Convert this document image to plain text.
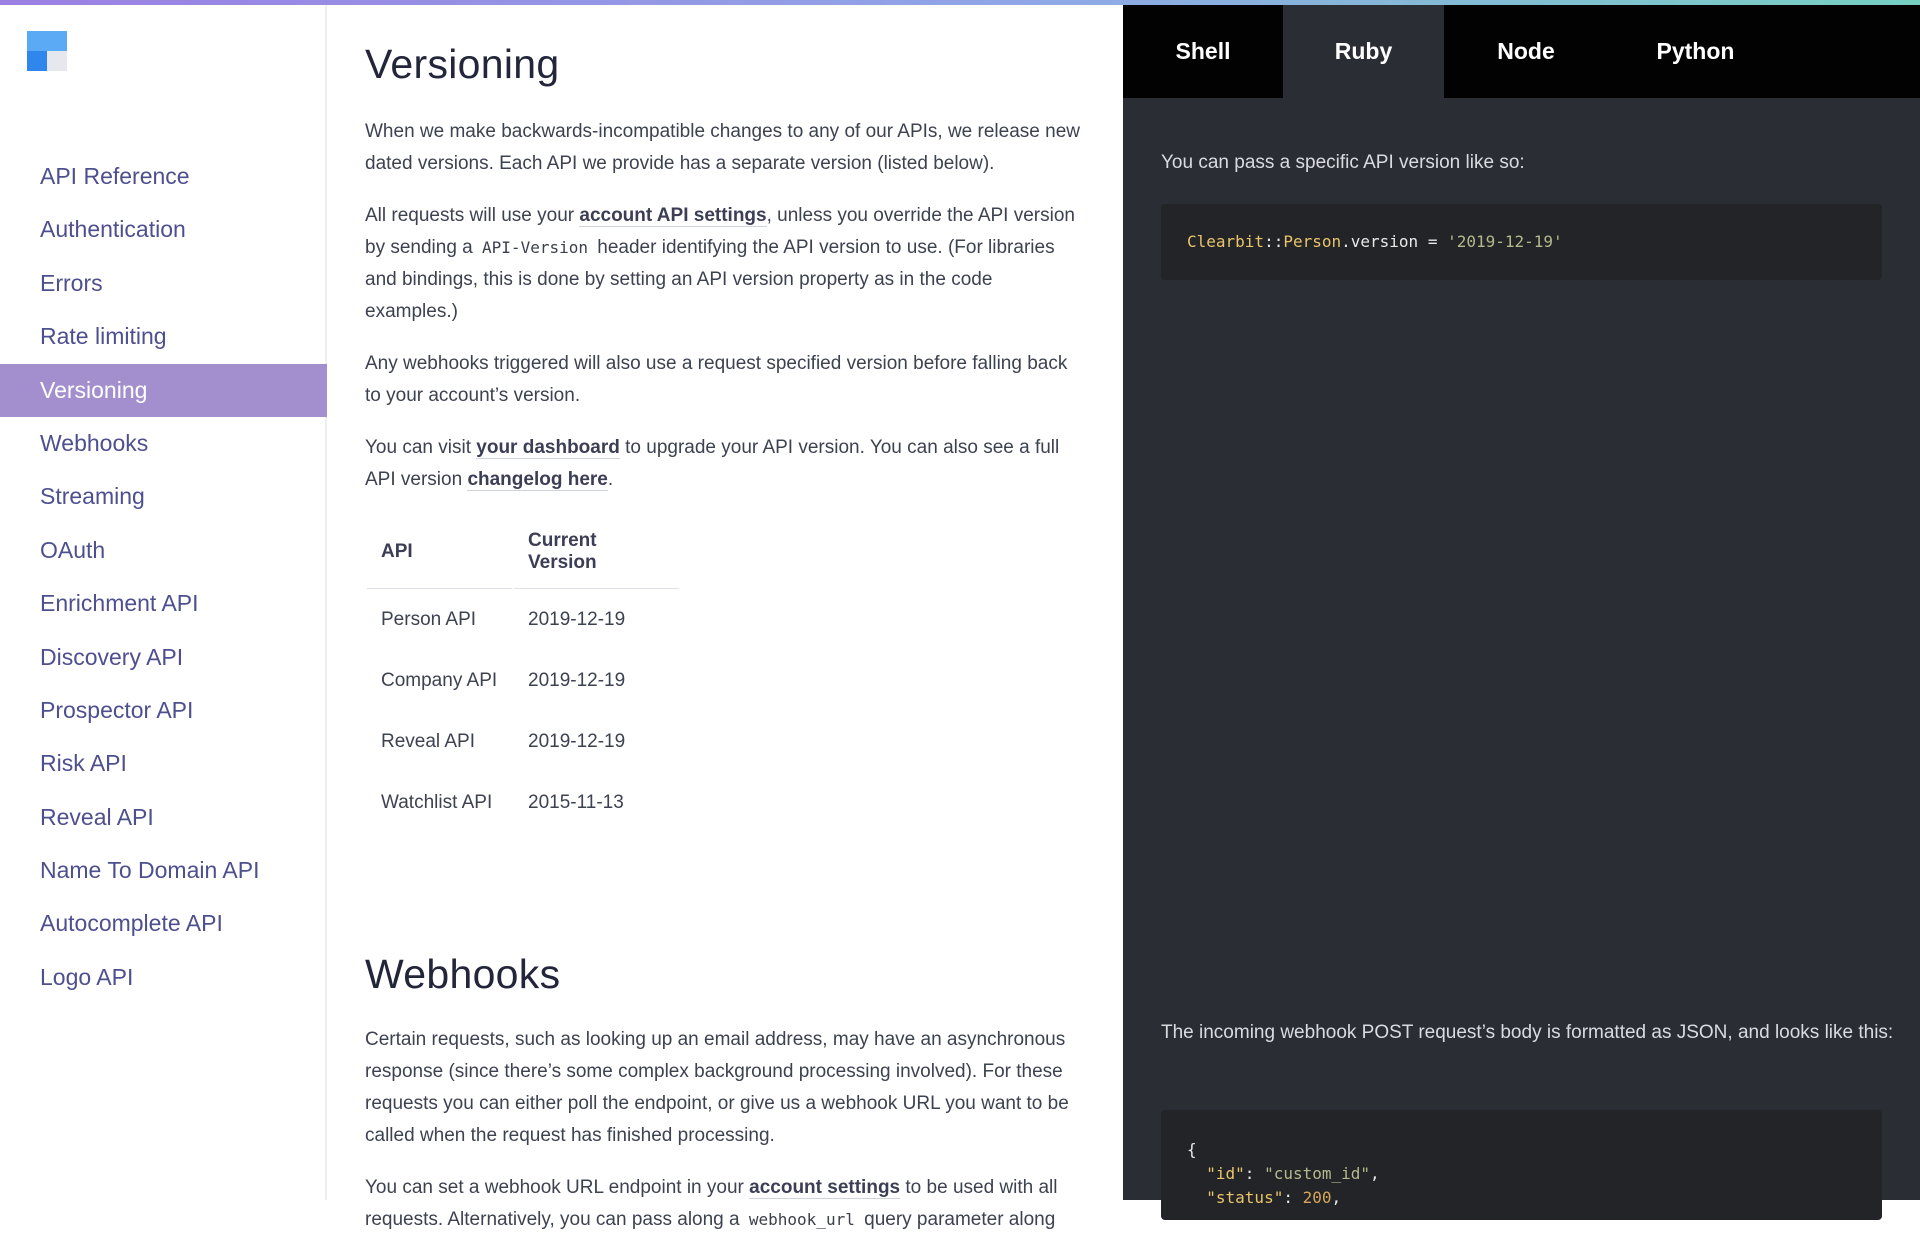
API Reference
Authentication
Errors
Rate limiting
Versioning
Webhooks
Streaming
OAuth
Enrichment API
Discovery API
Prospector API
Risk API
Reveal API
Name To Domain API
Autocomplete API
Logo API
Versioning

When we make backwards-incompatible changes to any of our APIs, we release new dated versions. Each API we provide has a separate version (listed below).

All requests will use your account API settings, unless you override the API version by sending a API-Version header identifying the API version to use. (For libraries and bindings, this is done by setting an API version property as in the code examples.)

Any webhooks triggered will also use a request specified version before falling back to your account’s version.

You can visit your dashboard to upgrade your API version. You can also see a full API version changelog here.

API	Current Version
Person API	2019-12-19
Company API	2019-12-19
Reveal API	2019-12-19
Watchlist API	2015-11-13
Webhooks

Certain requests, such as looking up an email address, may have an asynchronous response (since there’s some complex background processing involved). For these requests you can either poll the endpoint, or give us a webhook URL you want to be called when the request has finished processing.

You can set a webhook URL endpoint in your account settings to be used with all requests. Alternatively, you can pass along a webhook_url query parameter along

Shell	Ruby	Node	Python
You can pass a specific API version like so:
Clearbit::Person.version = '2019-12-19'
The incoming webhook POST request’s body is formatted as JSON, and looks like this:
{
"id": "custom_id",
"status": 200,
